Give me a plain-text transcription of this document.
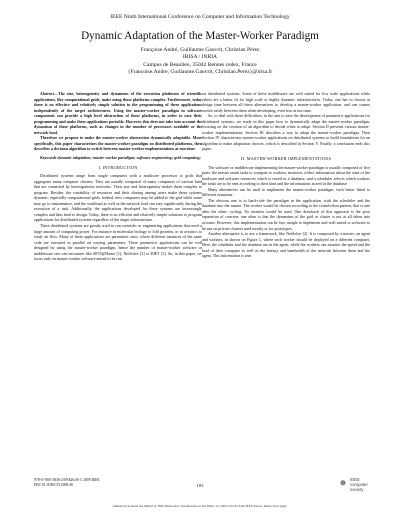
IEEE Ninth International Conference on Computer and Information Technology
Dynamic Adaptation of the Master-Worker Paradigm
Françoise André, Guillaume Gauvrit, Christian Pérez
IRISA / INRIA
Campus de Beaulieu, 35042 Rennes cedex, France
{Francoise.Andre, Guillaume.Gauvrit, Christian.Perez}@irisa.fr

Abstract—The size, heterogeneity and dynamism of the execution platforms of scientific applications, like computational grids, make using those platforms complex. Furthermore, today there is no effective and relatively simple solution to the programming of these applications independently of the target architectures. Using the master-worker paradigm in software components can provide a high level abstraction of those platforms, in order to ease their programming and make these applications portable. However, this does not take into account the dynamism of these platforms, such as changes in the number of processors available or the network load.

Therefore we propose to make the master-worker abstraction dynamically adaptable. More specifically, this paper characterizes the master-worker paradigm on distributed platforms, then describes a decision algorithm to switch between master-worker implementations at run-time.

Keywords-dynamic adaptation; master-worker paradigm; software engineering; grid computing;

I. INTRODUCTION

Distributed systems range from single computers with a multicore processor to grids that aggregates many computer clusters. They are usually composed of many computers of various kind that are connected by heterogeneous networks. Their size and heterogeneity makes them complex to program. Besides, the variability of resources and their sharing among users make these systems dynamic, especially computational grids. Indeed, new computers may be added to the grid while some may go to maintenance, and the workload as well as the network load can vary significantly during the execution of a task. Additionally, the applications developed for these systems are increasingly complex and thus hard to design. Today, there is no efficient and relatively simple solutions to program applications for distributed systems regardless of the target infrastructure.

These distributed systems are greatly used to run scientific or engineering applications that need a large amount of computing power. For instance in molecular biology to fold proteins, or in avionics to study air flow. Many of these applications are parametric ones, where different instances of the same code are executed in parallel on varying parameters. These parametric applications can be well designed by using the master-worker paradigm, hence the number of master-worker software or middleware one can encounter like SETI@Home [1], NetSolve [2] or DIET [3]. So, in this paper, we focus only on master-worker software aimed to be run

on distributed systems. Some of these middleware are well suited for low scale applications while others are a better fit for high scale or highly dynamic infrastructures. Today, one has to choose at design time between all these alternatives to develop a master-worker application, and one cannot switch easily between them when developing, even less at run time.

So, to deal with these difficulties, in the aim to ease the development of parametric applications for distributed systems, we study in this paper how to dynamically adapt the master-worker paradigm, focusing on the creation of an algorithm to decide when to adapt. Section II presents various master-worker implementations. Section III describes a way to adapt the master-worker paradigm. Then Section IV characterizes master-worker applications on distributed systems to build foundations for an algorithm to make adaptation choices, which is described in Section V. Finally, a conclusion ends this paper.

II. MASTER-WORKER IMPLEMENTATIONS

The software or middleware implementing the master-worker paradigm is usually composed of five parts: the master sends tasks to compute to workers, monitors collect information about the state of the hardware and software resources which is stored in a database, and a scheduler selects which workers the tasks are to be sent according to their kind and the informations stored in the database.

Many alternatives can be used to implement the master-worker paradigm, each better fitted to different situations.

The obvious one is to hard-code the paradigm in the application, with the scheduler and the database into the master. The worker would be chosen according to the round-robin pattern, that is one after the other, cycling. No monitor would be used. One drawback of this approach is the poor separation of concern; one other is that the dynamism of the grid or cluster is not at all taken into account. However, this implementation can be fast, simple to implement and well suited to software to be run on private clusters used mostly or for prototypes.

Another alternative is to use a framework, like NetSolve [2]. It is composed by a master, an agent and workers, as shown on Figure 1, where each worker should be deployed on a different computer. Here, the scheduler and the database are in the agent, while the workers can monitor the speed and the load of their computer as well as the latency and bandwidth of the network between them and the agent. This information is sent

978-0-7695-3836-2/09 $26.00 © 2009 IEEE
DOI 10.1109/CIT.2009.40	183	⊕
IEEE
computer
society
Authorized licensed use limited to: IMT Mines Ales. Downloaded on December 14, 2009 at 04:42 from IEEE Xplore. Restrictions apply.
